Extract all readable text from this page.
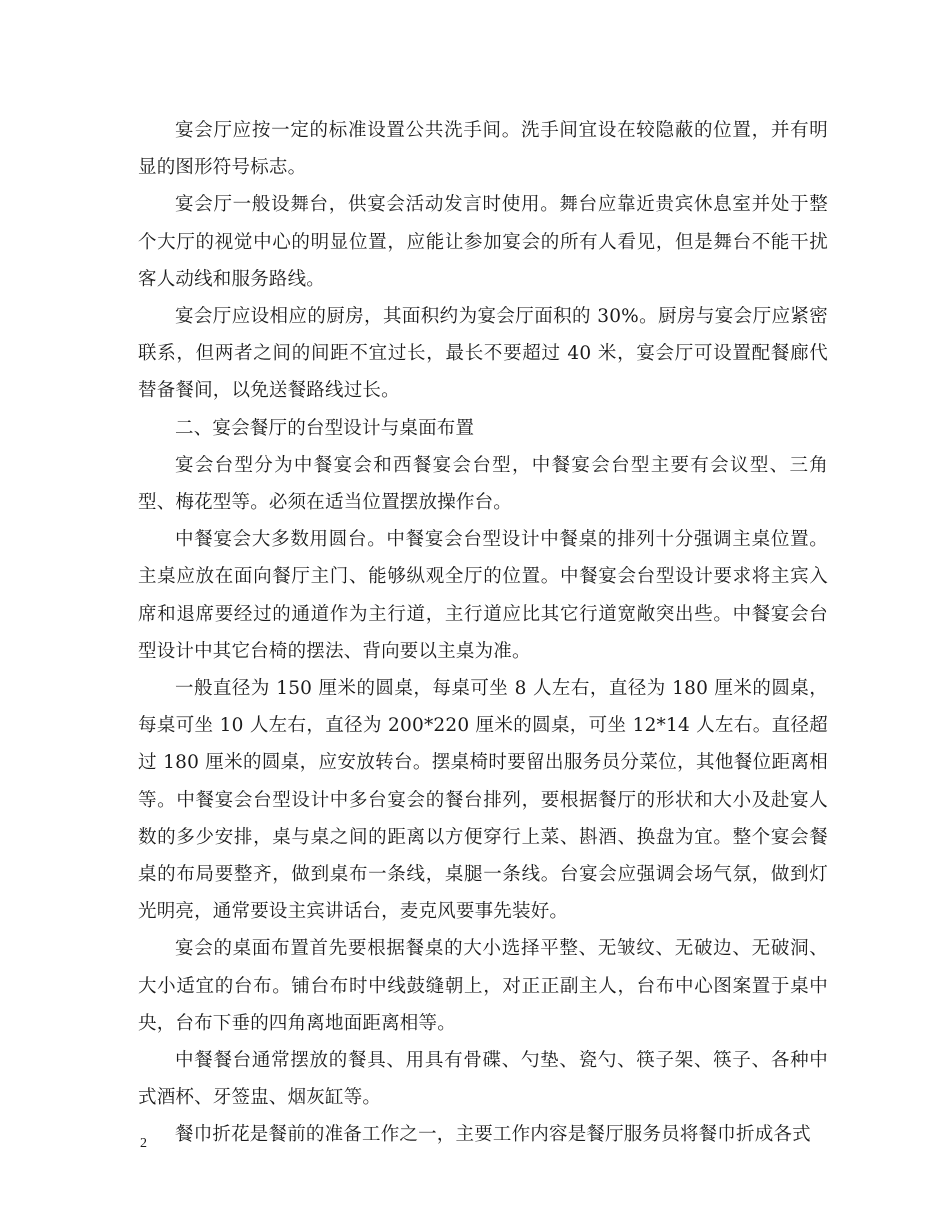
宴会厅应按一定的标准设置公共洗手间。洗手间宜设在较隐蔽的位置，并有明显的图形符号标志。

宴会厅一般设舞台，供宴会活动发言时使用。舞台应靠近贵宾休息室并处于整个大厅的视觉中心的明显位置，应能让参加宴会的所有人看见，但是舞台不能干扰客人动线和服务路线。

宴会厅应设相应的厨房，其面积约为宴会厅面积的 30%。厨房与宴会厅应紧密联系，但两者之间的间距不宜过长，最长不要超过 40 米，宴会厅可设置配餐廊代替备餐间，以免送餐路线过长。

二、宴会餐厅的台型设计与桌面布置

宴会台型分为中餐宴会和西餐宴会台型，中餐宴会台型主要有会议型、三角型、梅花型等。必须在适当位置摆放操作台。

中餐宴会大多数用圆台。中餐宴会台型设计中餐桌的排列十分强调主桌位置。主桌应放在面向餐厅主门、能够纵观全厅的位置。中餐宴会台型设计要求将主宾入席和退席要经过的通道作为主行道，主行道应比其它行道宽敞突出些。中餐宴会台型设计中其它台椅的摆法、背向要以主桌为准。

一般直径为 150 厘米的圆桌，每桌可坐 8 人左右，直径为 180 厘米的圆桌，每桌可坐 10 人左右，直径为 200*220 厘米的圆桌，可坐 12*14 人左右。直径超过 180 厘米的圆桌，应安放转台。摆桌椅时要留出服务员分菜位，其他餐位距离相等。中餐宴会台型设计中多台宴会的餐台排列，要根据餐厅的形状和大小及赴宴人数的多少安排，桌与桌之间的距离以方便穿行上菜、斟酒、换盘为宜。整个宴会餐桌的布局要整齐，做到桌布一条线，桌腿一条线。台宴会应强调会场气氛，做到灯光明亮，通常要设主宾讲话台，麦克风要事先装好。

宴会的桌面布置首先要根据餐桌的大小选择平整、无皱纹、无破边、无破洞、大小适宜的台布。铺台布时中线鼓缝朝上，对正正副主人，台布中心图案置于桌中央，台布下垂的四角离地面距离相等。

中餐餐台通常摆放的餐具、用具有骨碟、勺垫、瓷勺、筷子架、筷子、各种中式酒杯、牙签盅、烟灰缸等。

餐巾折花是餐前的准备工作之一，主要工作内容是餐厅服务员将餐巾折成各式

2
